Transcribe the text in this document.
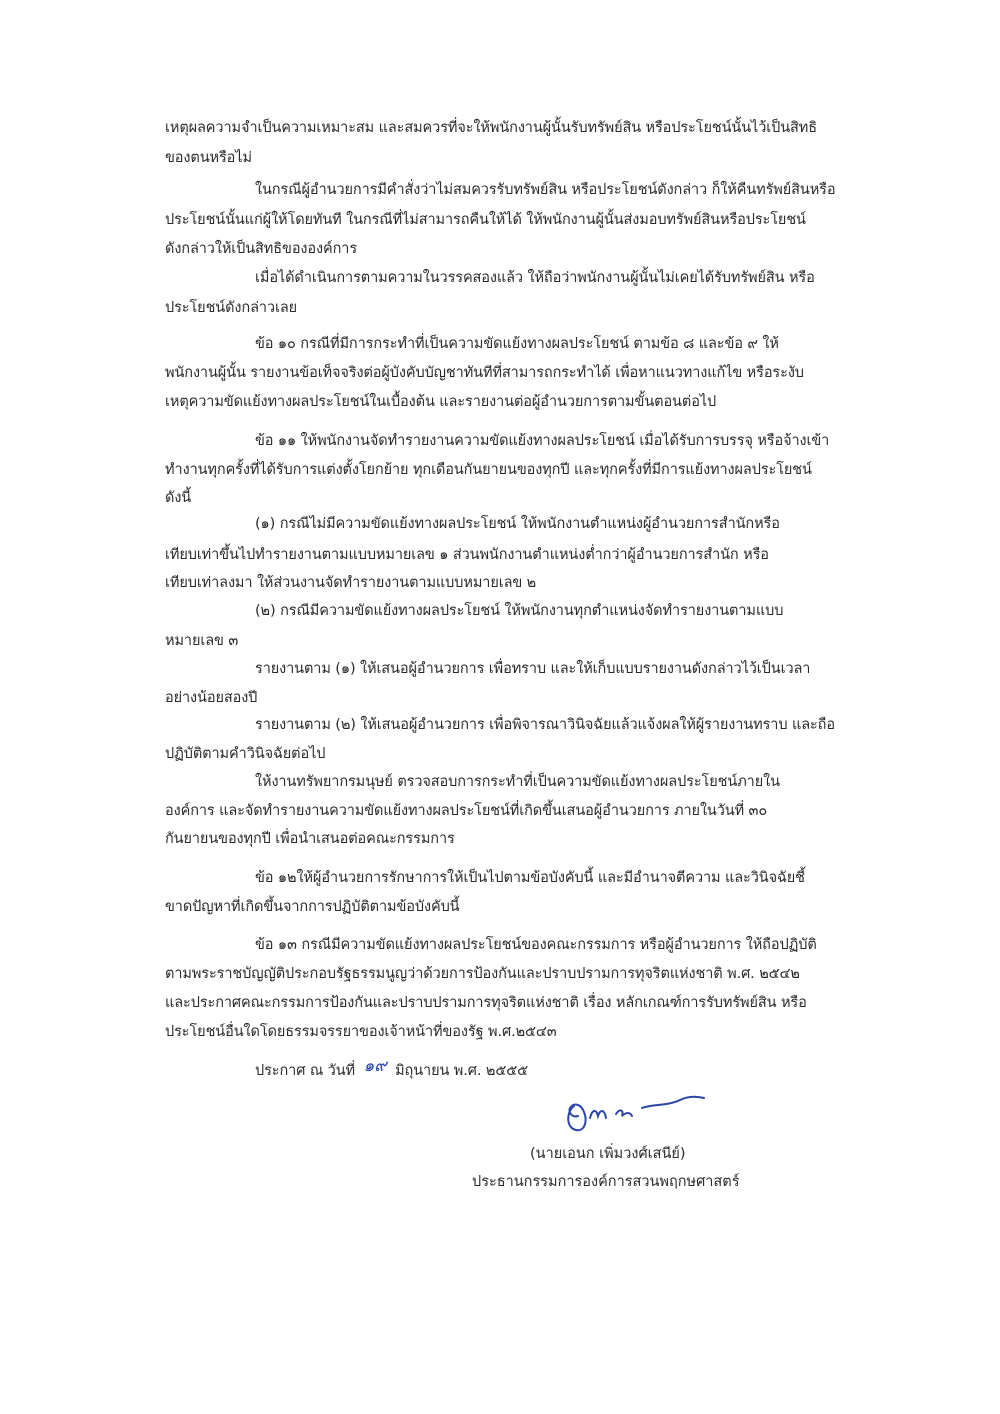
เหตุผลความจำเป็นความเหมาะสม และสมควรที่จะให้พนักงานผู้นั้นรับทรัพย์สิน หรือประโยชน์นั้นไว้เป็นสิทธิ
ของตนหรือไม่
ในกรณีผู้อำนวยการมีคำสั่งว่าไม่สมควรรับทรัพย์สิน หรือประโยชน์ดังกล่าว ก็ให้คืนทรัพย์สินหรือ
ประโยชน์นั้นแก่ผู้ให้โดยทันที ในกรณีที่ไม่สามารถคืนให้ได้ ให้พนักงานผู้นั้นส่งมอบทรัพย์สินหรือประโยชน์
ดังกล่าวให้เป็นสิทธิขององค์การ
เมื่อได้ดำเนินการตามความในวรรคสองแล้ว ให้ถือว่าพนักงานผู้นั้นไม่เคยได้รับทรัพย์สิน หรือ
ประโยชน์ดังกล่าวเลย
ข้อ ๑๐ กรณีที่มีการกระทำที่เป็นความขัดแย้งทางผลประโยชน์ ตามข้อ ๘ และข้อ ๙ ให้
พนักงานผู้นั้น รายงานข้อเท็จจริงต่อผู้บังคับบัญชาทันทีที่สามารถกระทำได้ เพื่อหาแนวทางแก้ไข หรือระงับ
เหตุความขัดแย้งทางผลประโยชน์ในเบื้องต้น และรายงานต่อผู้อำนวยการตามขั้นตอนต่อไป
ข้อ ๑๑ ให้พนักงานจัดทำรายงานความขัดแย้งทางผลประโยชน์ เมื่อได้รับการบรรจุ หรือจ้างเข้า
ทำงานทุกครั้งที่ได้รับการแต่งตั้งโยกย้าย ทุกเดือนกันยายนของทุกปี และทุกครั้งที่มีการแย้งทางผลประโยชน์
ดังนี้
(๑) กรณีไม่มีความขัดแย้งทางผลประโยชน์ ให้พนักงานตำแหน่งผู้อำนวยการสำนักหรือ
เทียบเท่าขึ้นไปทำรายงานตามแบบหมายเลข ๑ ส่วนพนักงานตำแหน่งต่ำกว่าผู้อำนวยการสำนัก หรือ
เทียบเท่าลงมา ให้ส่วนงานจัดทำรายงานตามแบบหมายเลข ๒
(๒) กรณีมีความขัดแย้งทางผลประโยชน์ ให้พนักงานทุกตำแหน่งจัดทำรายงานตามแบบ
หมายเลข ๓
รายงานตาม (๑) ให้เสนอผู้อำนวยการ เพื่อทราบ และให้เก็บแบบรายงานดังกล่าวไว้เป็นเวลา
อย่างน้อยสองปี
รายงานตาม (๒) ให้เสนอผู้อำนวยการ เพื่อพิจารณาวินิจฉัยแล้วแจ้งผลให้ผู้รายงานทราบ และถือ
ปฏิบัติตามคำวินิจฉัยต่อไป
ให้งานทรัพยากรมนุษย์ ตรวจสอบการกระทำที่เป็นความขัดแย้งทางผลประโยชน์ภายใน
องค์การ และจัดทำรายงานความขัดแย้งทางผลประโยชน์ที่เกิดขึ้นเสนอผู้อำนวยการ ภายในวันที่ ๓๐
กันยายนของทุกปี เพื่อนำเสนอต่อคณะกรรมการ
ข้อ ๑๒ให้ผู้อำนวยการรักษาการให้เป็นไปตามข้อบังคับนี้ และมีอำนาจตีความ และวินิจฉัยชี้
ขาดปัญหาที่เกิดขึ้นจากการปฏิบัติตามข้อบังคับนี้
ข้อ ๑๓ กรณีมีความขัดแย้งทางผลประโยชน์ของคณะกรรมการ หรือผู้อำนวยการ ให้ถือปฏิบัติ
ตามพระราชบัญญัติประกอบรัฐธรรมนูญว่าด้วยการป้องกันและปราบปรามการทุจริตแห่งชาติ พ.ศ. ๒๕๔๒
และประกาศคณะกรรมการป้องกันและปราบปรามการทุจริตแห่งชาติ เรื่อง หลักเกณฑ์การรับทรัพย์สิน หรือ
ประโยชน์อื่นใดโดยธรรมจรรยาของเจ้าหน้าที่ของรัฐ พ.ศ.๒๕๔๓
ประกาศ ณ วันที่ ๑๙ มิถุนายน พ.ศ. ๒๕๕๕
(นายเอนก เพิ่มวงศ์เสนีย์)
ประธานกรรมการองค์การสวนพฤกษศาสตร์
